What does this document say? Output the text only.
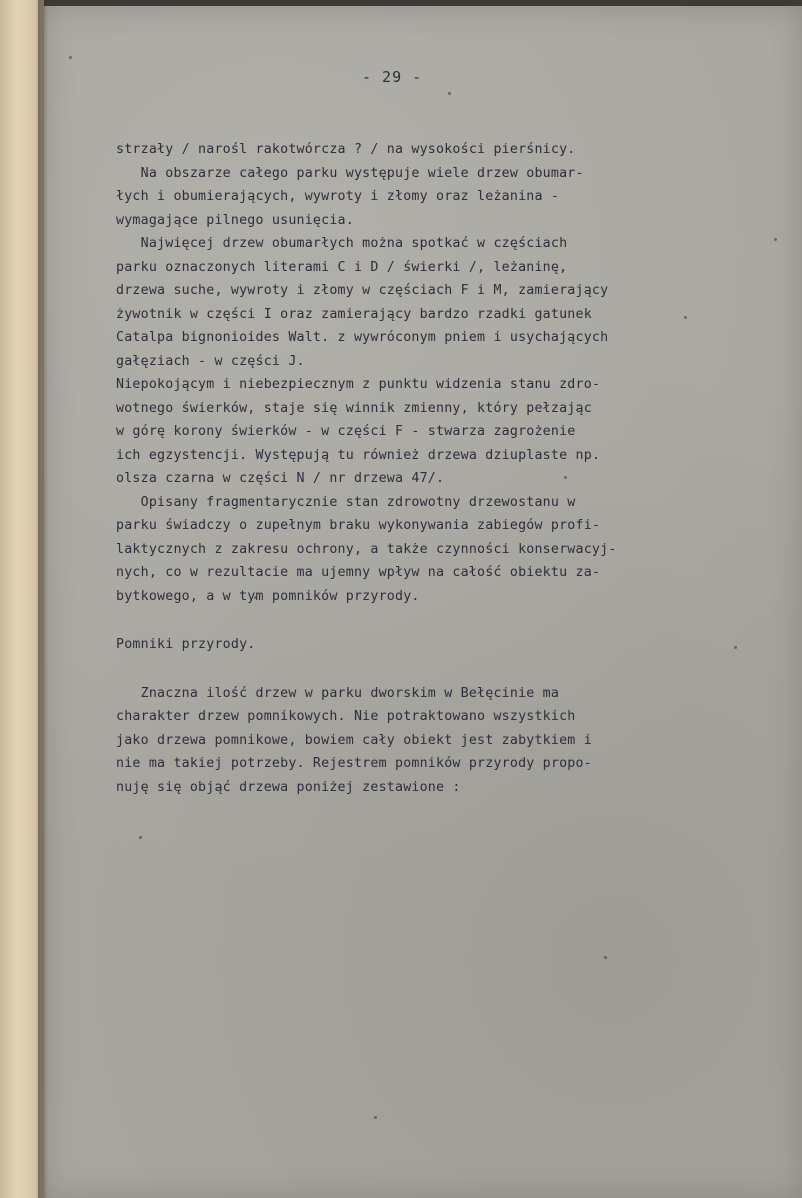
- 29 -
strzały / narośl rakotwórcza ? / na wysokości pierśnicy.
Na obszarze całego parku występuje wiele drzew obumar-
łych i obumierających, wywroty i złomy oraz leżanina -
wymagające pilnego usunięcia.
Najwięcej drzew obumarłych można spotkać w częściach
parku oznaczonych literami C i D / świerki /, leżaninę,
drzewa suche, wywroty i złomy w częściach F i M, zamierający
żywotnik w części I oraz zamierający bardzo rzadki gatunek
Catalpa bignonioides Walt. z wywróconym pniem i usychających
gałęziach - w części J.
Niepokojącym i niebezpiecznym z punktu widzenia stanu zdro-
wotnego świerków, staje się winnik zmienny, który pełzając
w górę korony świerków - w części F - stwarza zagrożenie
ich egzystencji. Występują tu również drzewa dziuplaste np.
olsza czarna w części N / nr drzewa 47/.
Opisany fragmentarycznie stan zdrowotny drzewostanu w
parku świadczy o zupełnym braku wykonywania zabiegów profi-
laktycznych z zakresu ochrony, a także czynności konserwacyj-
nych, co w rezultacie ma ujemny wpływ na całość obiektu za-
bytkowego, a w tym pomników przyrody.
Pomniki przyrody.
Znaczna ilość drzew w parku dworskim w Bełęcinie ma
charakter drzew pomnikowych. Nie potraktowano wszystkich
jako drzewa pomnikowe, bowiem cały obiekt jest zabytkiem i
nie ma takiej potrzeby. Rejestrem pomników przyrody propo-
nuję się objąć drzewa poniżej zestawione :
